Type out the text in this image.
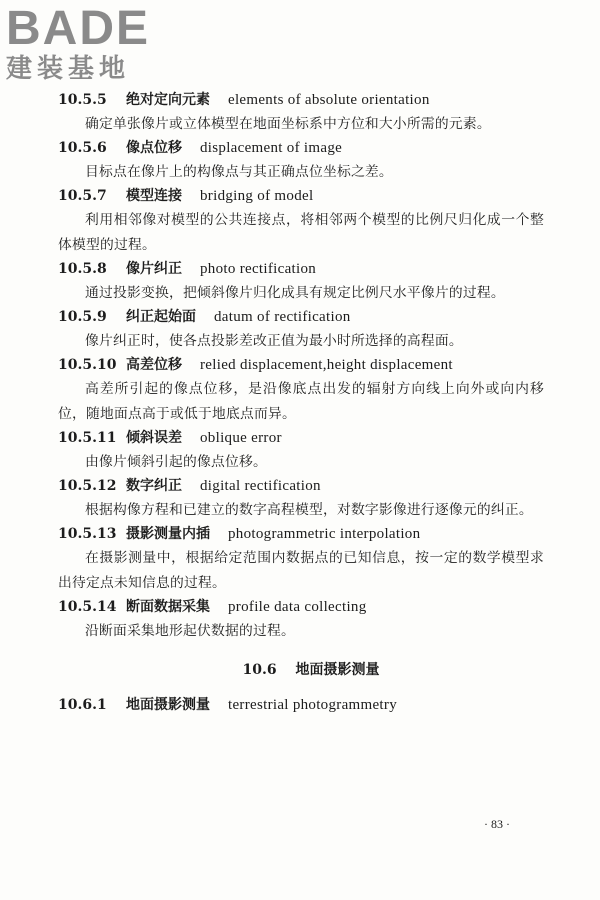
BADE
建装基地
10.5.5 绝对定向元素 elements of absolute orientation

确定单张像片或立体模型在地面坐标系中方位和大小所需的元素。

10.5.6 像点位移 displacement of image

目标点在像片上的构像点与其正确点位坐标之差。

10.5.7 模型连接 bridging of model

利用相邻像对模型的公共连接点，将相邻两个模型的比例尺归化成一个整体模型的过程。

10.5.8 像片纠正 photo rectification

通过投影变换，把倾斜像片归化成具有规定比例尺水平像片的过程。

10.5.9 纠正起始面 datum of rectification

像片纠正时，使各点投影差改正值为最小时所选择的高程面。

10.5.10 高差位移 relied displacement,height displacement

高差所引起的像点位移，是沿像底点出发的辐射方向线上向外或向内移位，随地面点高于或低于地底点而异。

10.5.11 倾斜误差 oblique error

由像片倾斜引起的像点位移。

10.5.12 数字纠正 digital rectification

根据构像方程和已建立的数字高程模型，对数字影像进行逐像元的纠正。

10.5.13 摄影测量内插 photogrammetric interpolation

在摄影测量中，根据给定范围内数据点的已知信息，按一定的数学模型求出待定点未知信息的过程。

10.5.14 断面数据采集 profile data collecting

沿断面采集地形起伏数据的过程。

10.6 地面摄影测量
10.6.1 地面摄影测量 terrestrial photogrammetry
· 83 ·
